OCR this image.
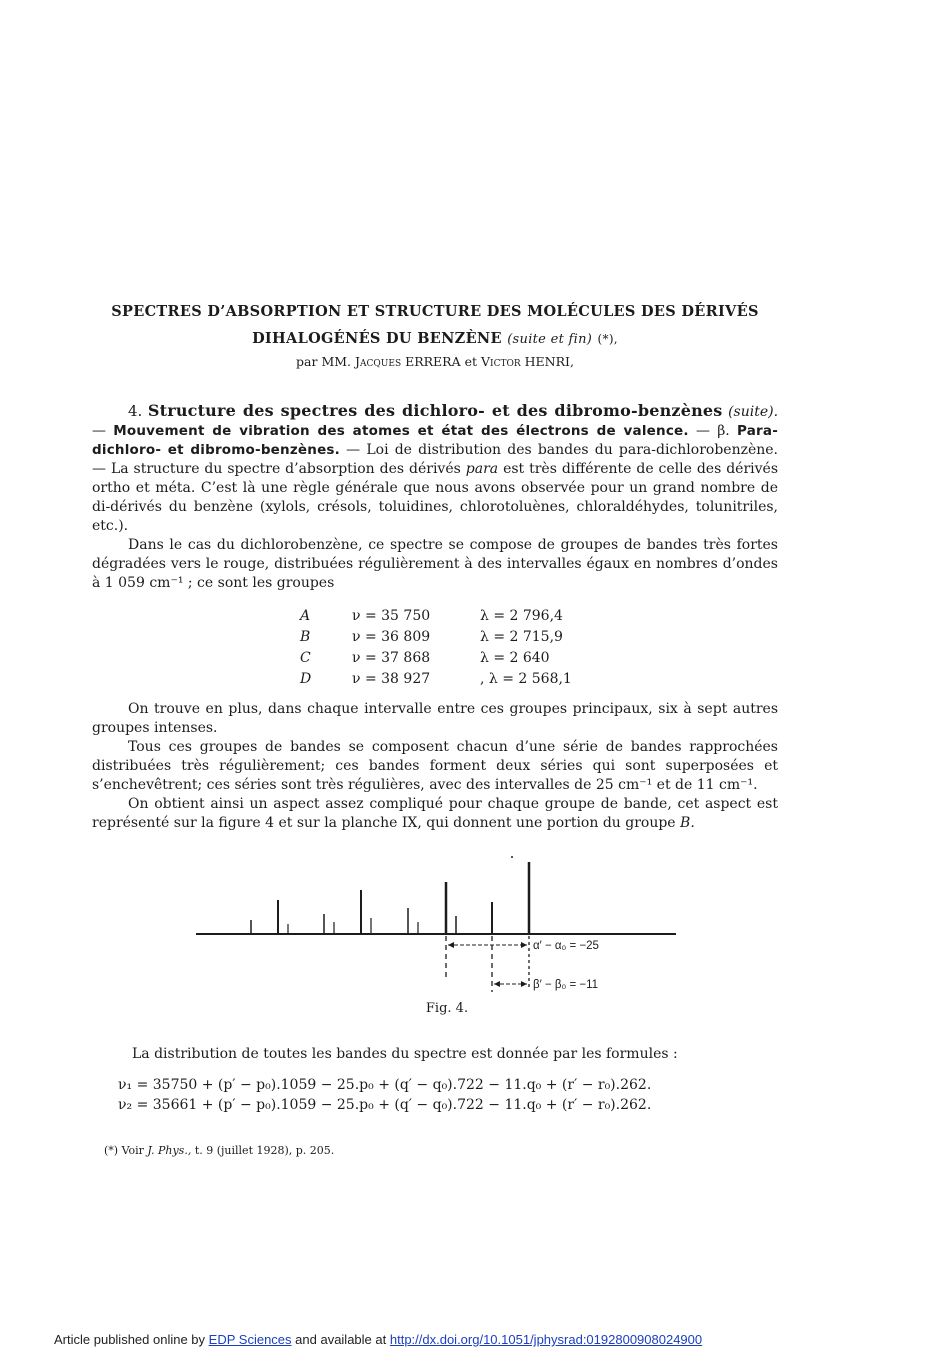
SPECTRES D’ABSORPTION ET STRUCTURE DES MOLÉCULES DES DÉRIVÉS
DIHALOGÉNÉS DU BENZÈNE (suite et fin) (*),
par MM. Jacques ERRERA et Victor HENRI,

4. Structure des spectres des dichloro- et des dibromo-benzènes (suite). — Mouvement de vibration des atomes et état des électrons de valence. — β. Para-dichloro- et dibromo-benzènes. — Loi de distribution des bandes du para-dichlorobenzène. — La structure du spectre d’absorption des dérivés para est très différente de celle des dérivés ortho et méta. C’est là une règle générale que nous avons observée pour un grand nombre de di-dérivés du benzène (xylols, crésols, toluidines, chlorotoluènes, chloraldéhydes, tolunitriles, etc.).

Dans le cas du dichlorobenzène, ce spectre se compose de groupes de bandes très fortes dégradées vers le rouge, distribuées régulièrement à des intervalles égaux en nombres d’ondes à 1 059 cm⁻¹ ; ce sont les groupes

A	ν = 35 750	λ = 2 796,4
B	ν = 36 809	λ = 2 715,9
C	ν = 37 868	λ = 2 640
D	ν = 38 927	, λ = 2 568,1

On trouve en plus, dans chaque intervalle entre ces groupes principaux, six à sept autres groupes intenses.

Tous ces groupes de bandes se composent chacun d’une série de bandes rapprochées distribuées très régulièrement; ces bandes forment deux séries qui sont superposées et s’enchevêtrent; ces séries sont très régulières, avec des intervalles de 25 cm⁻¹ et de 11 cm⁻¹.

On obtient ainsi un aspect assez compliqué pour chaque groupe de bande, cet aspect est représenté sur la figure 4 et sur la planche IX, qui donnent une portion du groupe B.

α′ − α₀ = −25
β′ − β₀ = −11
Fig. 4.

La distribution de toutes les bandes du spectre est donnée par les formules :

ν₁ = 35750 + (p′ − p₀).1059 − 25.p₀ + (q′ − q₀).722 − 11.q₀ + (r′ − r₀).262.
ν₂ = 35661 + (p′ − p₀).1059 − 25.p₀ + (q′ − q₀).722 − 11.q₀ + (r′ − r₀).262.
(*) Voir J. Phys., t. 9 (juillet 1928), p. 205.
Article published online by EDP Sciences and available at http://dx.doi.org/10.1051/jphysrad:0192800908024900
